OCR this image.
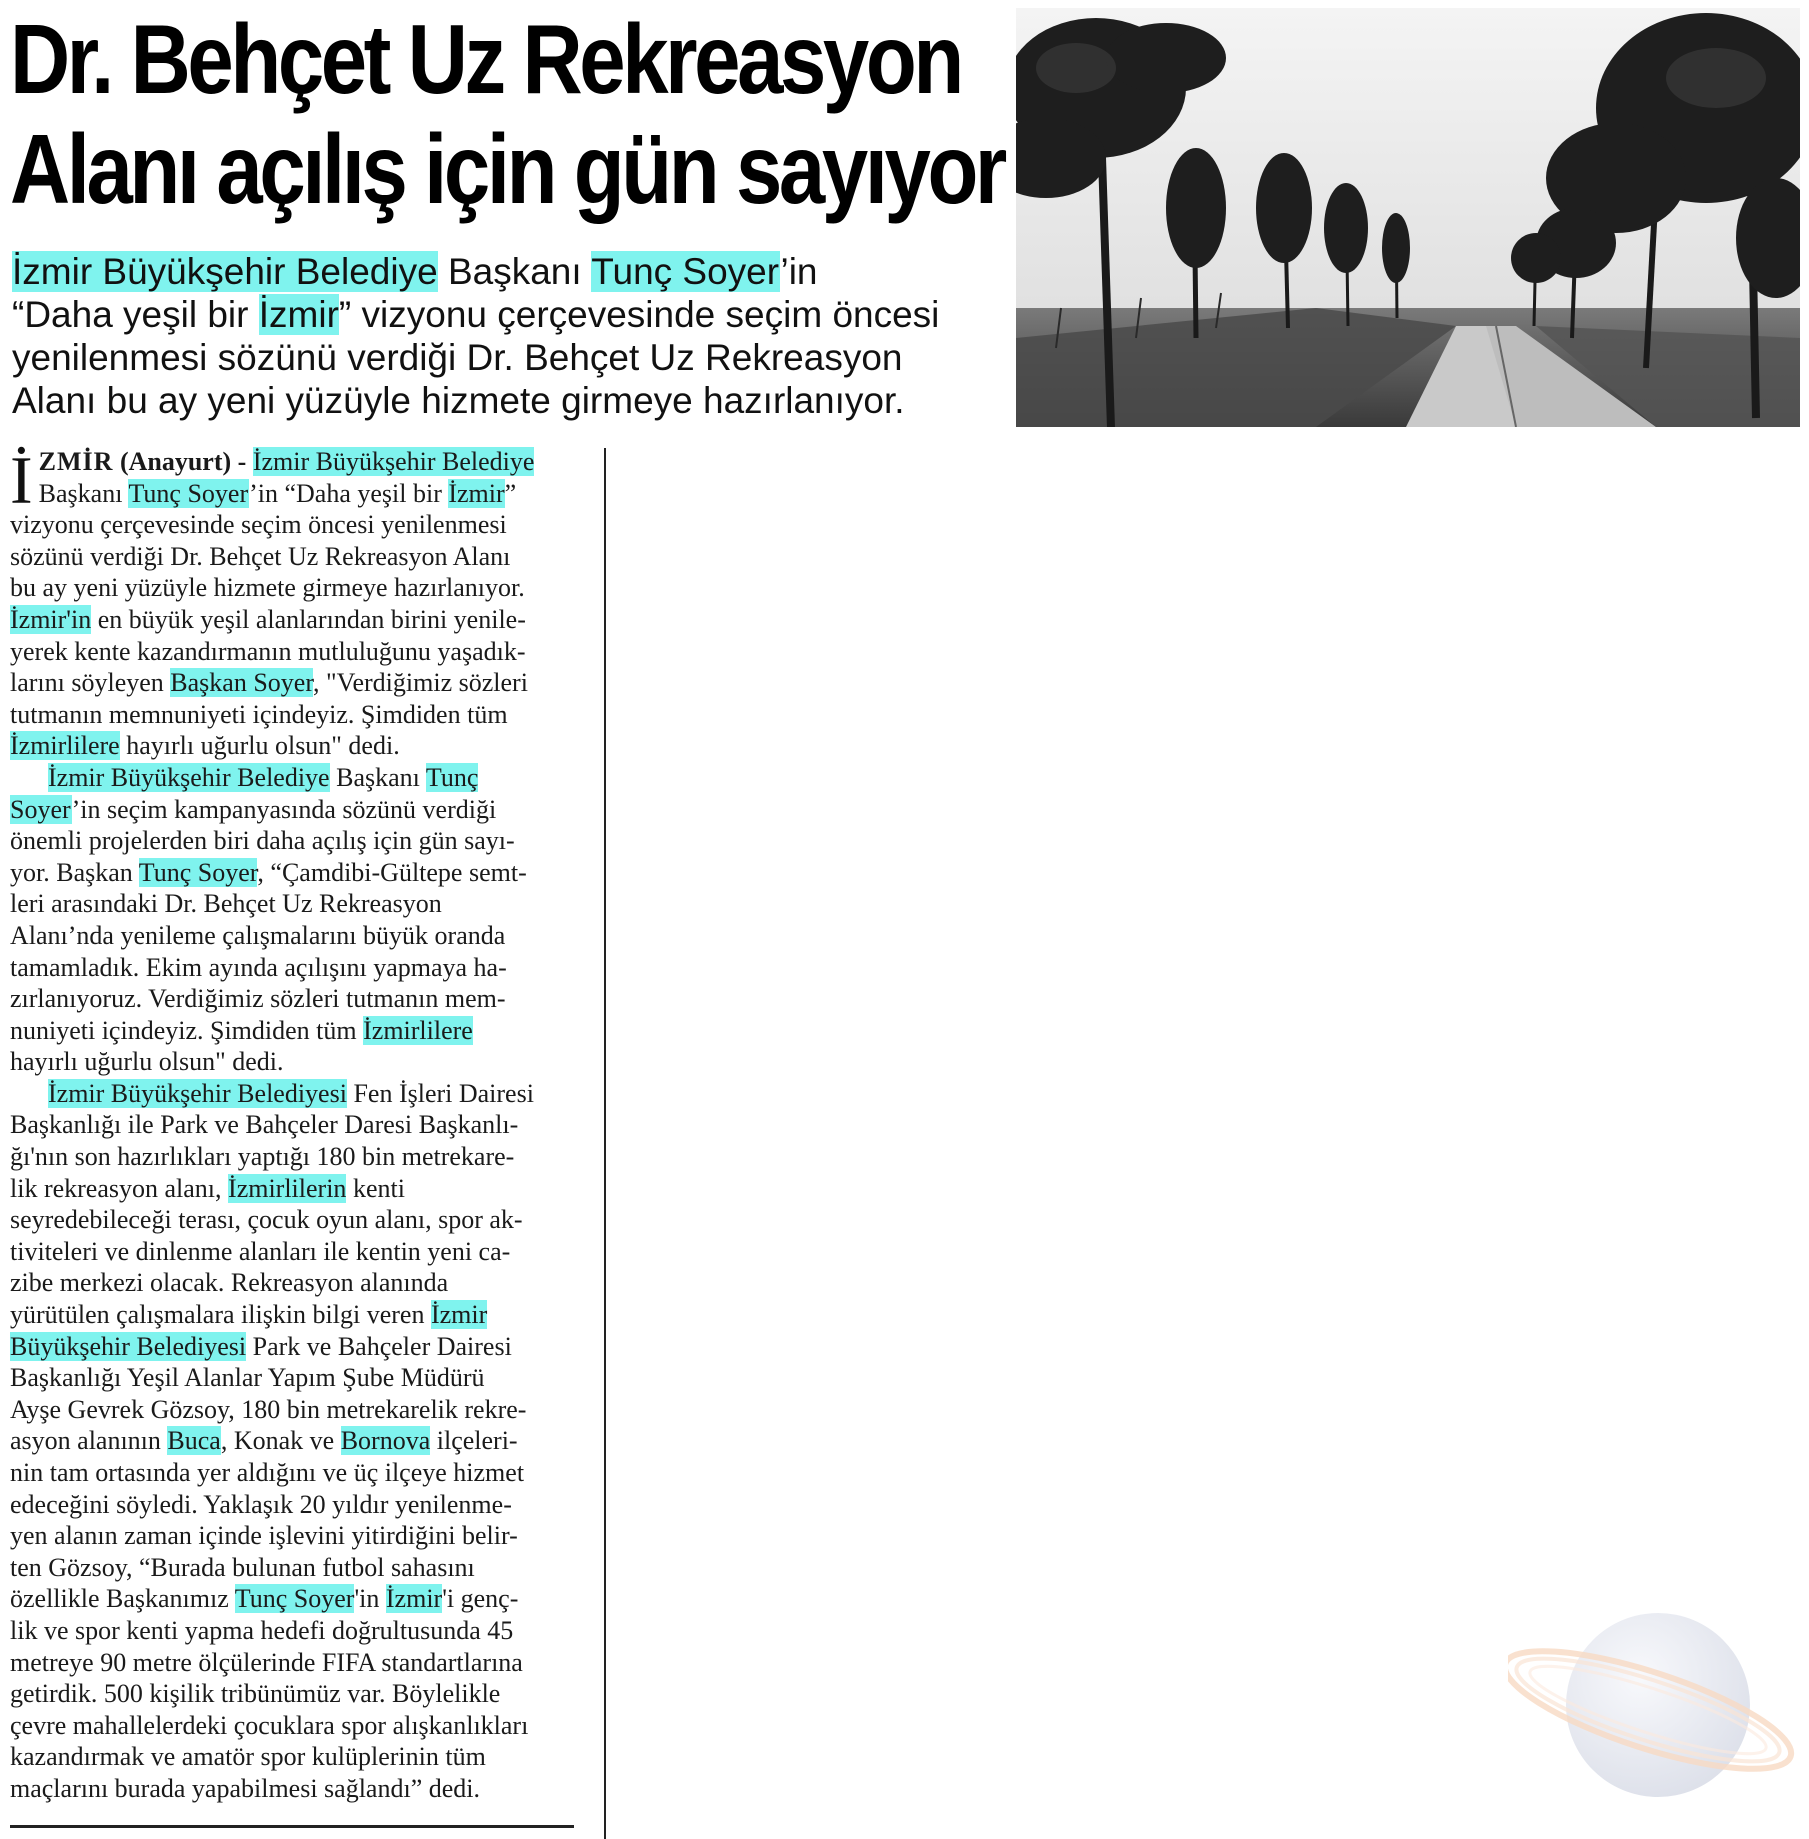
Dr. Behçet Uz Rekreasyon
Alanı açılış için gün sayıyor
İzmir Büyükşehir Belediye Başkanı Tunç Soyer’in
“Daha yeşil bir İzmir” vizyonu çerçevesinde seçim öncesi
yenilenmesi sözünü verdiği Dr. Behçet Uz Rekreasyon
Alanı bu ay yeni yüzüyle hizmete girmeye hazırlanıyor.
İ ZMİR (Anayurt) - İzmir Büyükşehir Belediye
Başkanı Tunç Soyer’in “Daha yeşil bir İzmir”
vizyonu çerçevesinde seçim öncesi yenilenmesi
sözünü verdiği Dr. Behçet Uz Rekreasyon Alanı
bu ay yeni yüzüyle hizmete girmeye hazırlanıyor.
İzmir'in en büyük yeşil alanlarından birini yenile-
yerek kente kazandırmanın mutluluğunu yaşadık-
larını söyleyen Başkan Soyer, "Verdiğimiz sözleri
tutmanın memnuniyeti içindeyiz. Şimdiden tüm
İzmirlilere hayırlı uğurlu olsun" dedi.
İzmir Büyükşehir Belediye Başkanı Tunç
Soyer’in seçim kampanyasında sözünü verdiği
önemli projelerden biri daha açılış için gün sayı-
yor. Başkan Tunç Soyer, “Çamdibi-Gültepe semt-
leri arasındaki Dr. Behçet Uz Rekreasyon
Alanı’nda yenileme çalışmalarını büyük oranda
tamamladık. Ekim ayında açılışını yapmaya ha-
zırlanıyoruz. Verdiğimiz sözleri tutmanın mem-
nuniyeti içindeyiz. Şimdiden tüm İzmirlilere
hayırlı uğurlu olsun" dedi.
İzmir Büyükşehir Belediyesi Fen İşleri Dairesi
Başkanlığı ile Park ve Bahçeler Daresi Başkanlı-
ğı'nın son hazırlıkları yaptığı 180 bin metrekare-
lik rekreasyon alanı, İzmirlilerin kenti
seyredebileceği terası, çocuk oyun alanı, spor ak-
tiviteleri ve dinlenme alanları ile kentin yeni ca-
zibe merkezi olacak. Rekreasyon alanında
yürütülen çalışmalara ilişkin bilgi veren İzmir
Büyükşehir Belediyesi Park ve Bahçeler Dairesi
Başkanlığı Yeşil Alanlar Yapım Şube Müdürü
Ayşe Gevrek Gözsoy, 180 bin metrekarelik rekre-
asyon alanının Buca, Konak ve Bornova ilçeleri-
nin tam ortasında yer aldığını ve üç ilçeye hizmet
edeceğini söyledi. Yaklaşık 20 yıldır yenilenme-
yen alanın zaman içinde işlevini yitirdiğini belir-
ten Gözsoy, “Burada bulunan futbol sahasını
özellikle Başkanımız Tunç Soyer'in İzmir'i genç-
lik ve spor kenti yapma hedefi doğrultusunda 45
metreye 90 metre ölçülerinde FIFA standartlarına
getirdik. 500 kişilik tribünümüz var. Böylelikle
çevre mahallelerdeki çocuklara spor alışkanlıkları
kazandırmak ve amatör spor kulüplerinin tüm
maçlarını burada yapabilmesi sağlandı” dedi.
